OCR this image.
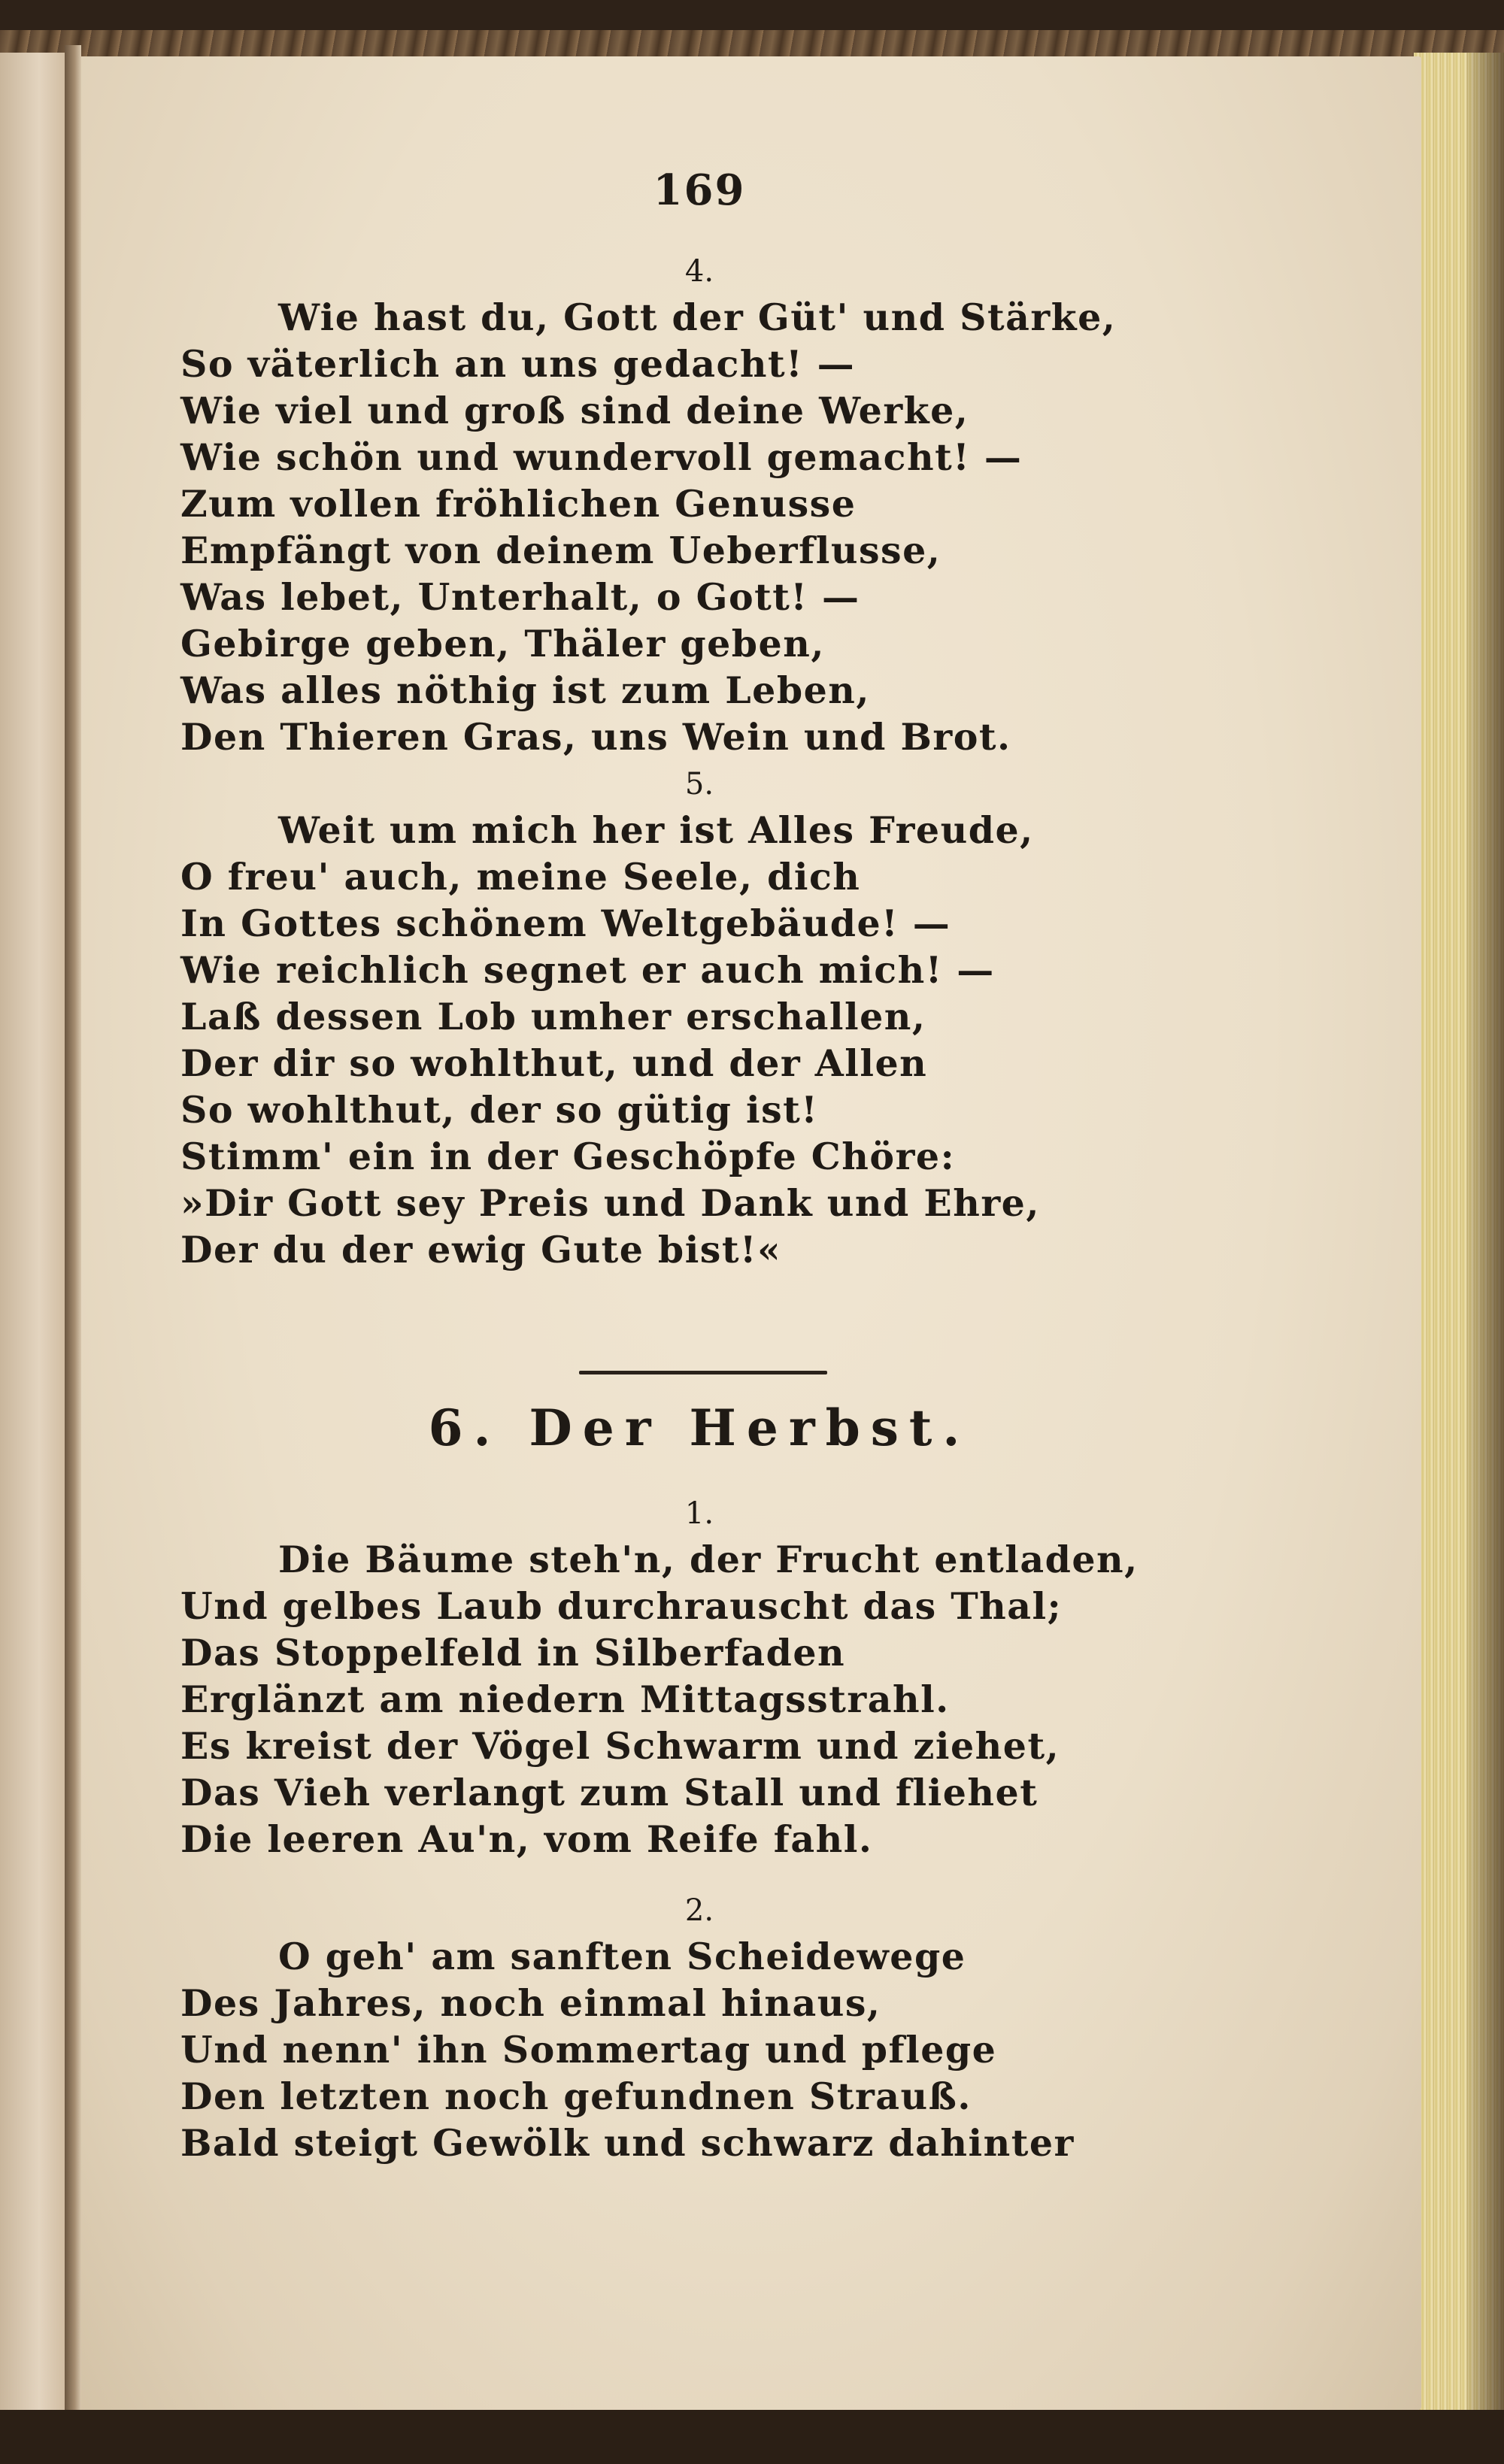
169
4.
Wie hast du, Gott der Güt' und Stärke,
So väterlich an uns gedacht! —
Wie viel und groß sind deine Werke,
Wie schön und wundervoll gemacht! —
Zum vollen fröhlichen Genusse
Empfängt von deinem Ueberflusse,
Was lebet, Unterhalt, o Gott! —
Gebirge geben, Thäler geben,
Was alles nöthig ist zum Leben,
Den Thieren Gras, uns Wein und Brot.
5.
Weit um mich her ist Alles Freude,
O freu' auch, meine Seele, dich
In Gottes schönem Weltgebäude! —
Wie reichlich segnet er auch mich! —
Laß dessen Lob umher erschallen,
Der dir so wohlthut, und der Allen
So wohlthut, der so gütig ist!
Stimm' ein in der Geschöpfe Chöre:
»Dir Gott sey Preis und Dank und Ehre,
Der du der ewig Gute bist!«
6. Der Herbst.
1.
Die Bäume steh'n, der Frucht entladen,
Und gelbes Laub durchrauscht das Thal;
Das Stoppelfeld in Silberfaden
Erglänzt am niedern Mittagsstrahl.
Es kreist der Vögel Schwarm und ziehet,
Das Vieh verlangt zum Stall und fliehet
Die leeren Au'n, vom Reife fahl.
2.
O geh' am sanften Scheidewege
Des Jahres, noch einmal hinaus,
Und nenn' ihn Sommertag und pflege
Den letzten noch gefundnen Strauß.
Bald steigt Gewölk und schwarz dahinter
